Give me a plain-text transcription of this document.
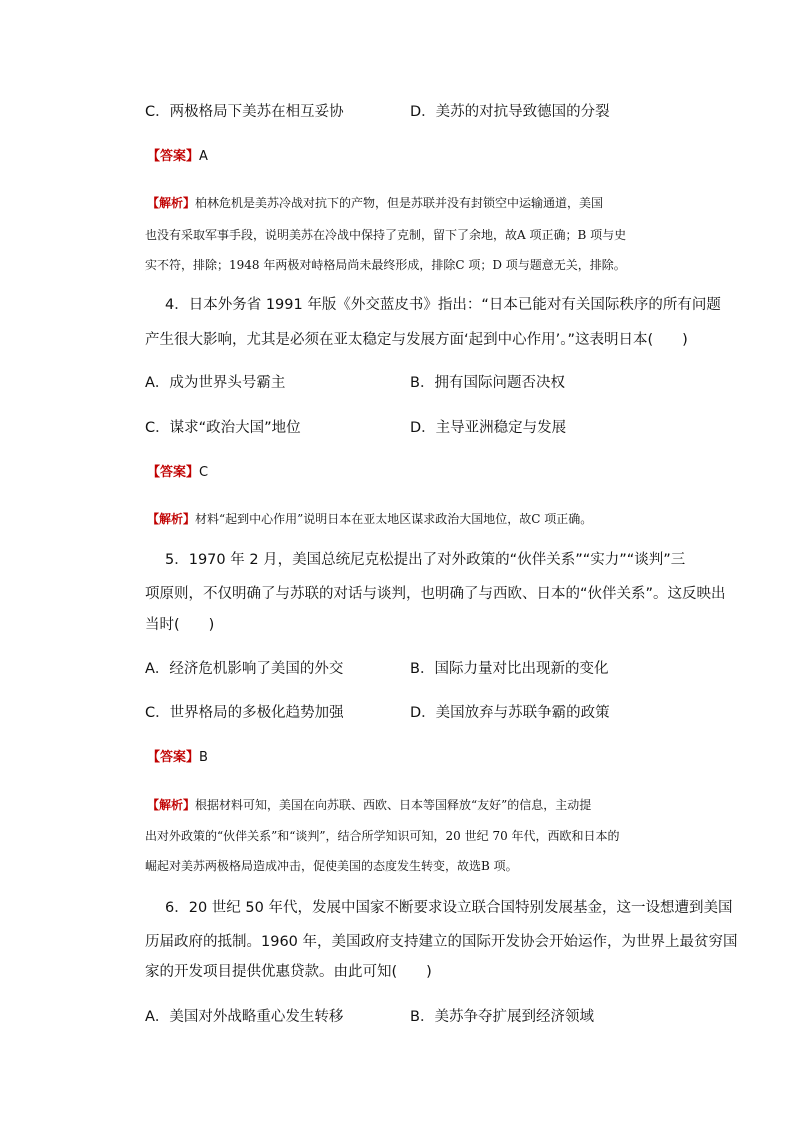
C．两极格局下美苏在相互妥协	D．美苏的对抗导致德国的分裂
【答案】A
【解析】柏林危机是美苏冷战对抗下的产物，但是苏联并没有封锁空中运输通道，美国
也没有采取军事手段，说明美苏在冷战中保持了克制，留下了余地，故A 项正确；B 项与史
实不符，排除；1948 年两极对峙格局尚未最终形成，排除C 项；D 项与题意无关，排除。
4．日本外务省 1991 年版《外交蓝皮书》指出：“日本已能对有关国际秩序的所有问题
产生很大影响，尤其是必须在亚太稳定与发展方面‘起到中心作用’。”这表明日本(　　)
A．成为世界头号霸主	B．拥有国际问题否决权
C．谋求“政治大国”地位	D．主导亚洲稳定与发展
【答案】C
【解析】材料“起到中心作用”说明日本在亚太地区谋求政治大国地位，故C 项正确。
5．1970 年 2 月，美国总统尼克松提出了对外政策的“伙伴关系”“实力”“谈判”三
项原则，不仅明确了与苏联的对话与谈判，也明确了与西欧、日本的“伙伴关系”。这反映出
当时(　　)
A．经济危机影响了美国的外交	B．国际力量对比出现新的变化
C．世界格局的多极化趋势加强	D．美国放弃与苏联争霸的政策
【答案】B
【解析】根据材料可知，美国在向苏联、西欧、日本等国释放“友好”的信息，主动提
出对外政策的“伙伴关系”和“谈判”，结合所学知识可知，20 世纪 70 年代，西欧和日本的
崛起对美苏两极格局造成冲击，促使美国的态度发生转变，故选B 项。
6．20 世纪 50 年代，发展中国家不断要求设立联合国特别发展基金，这一设想遭到美国
历届政府的抵制。1960 年，美国政府支持建立的国际开发协会开始运作，为世界上最贫穷国
家的开发项目提供优惠贷款。由此可知(　　)
A．美国对外战略重心发生转移	B．美苏争夺扩展到经济领域
